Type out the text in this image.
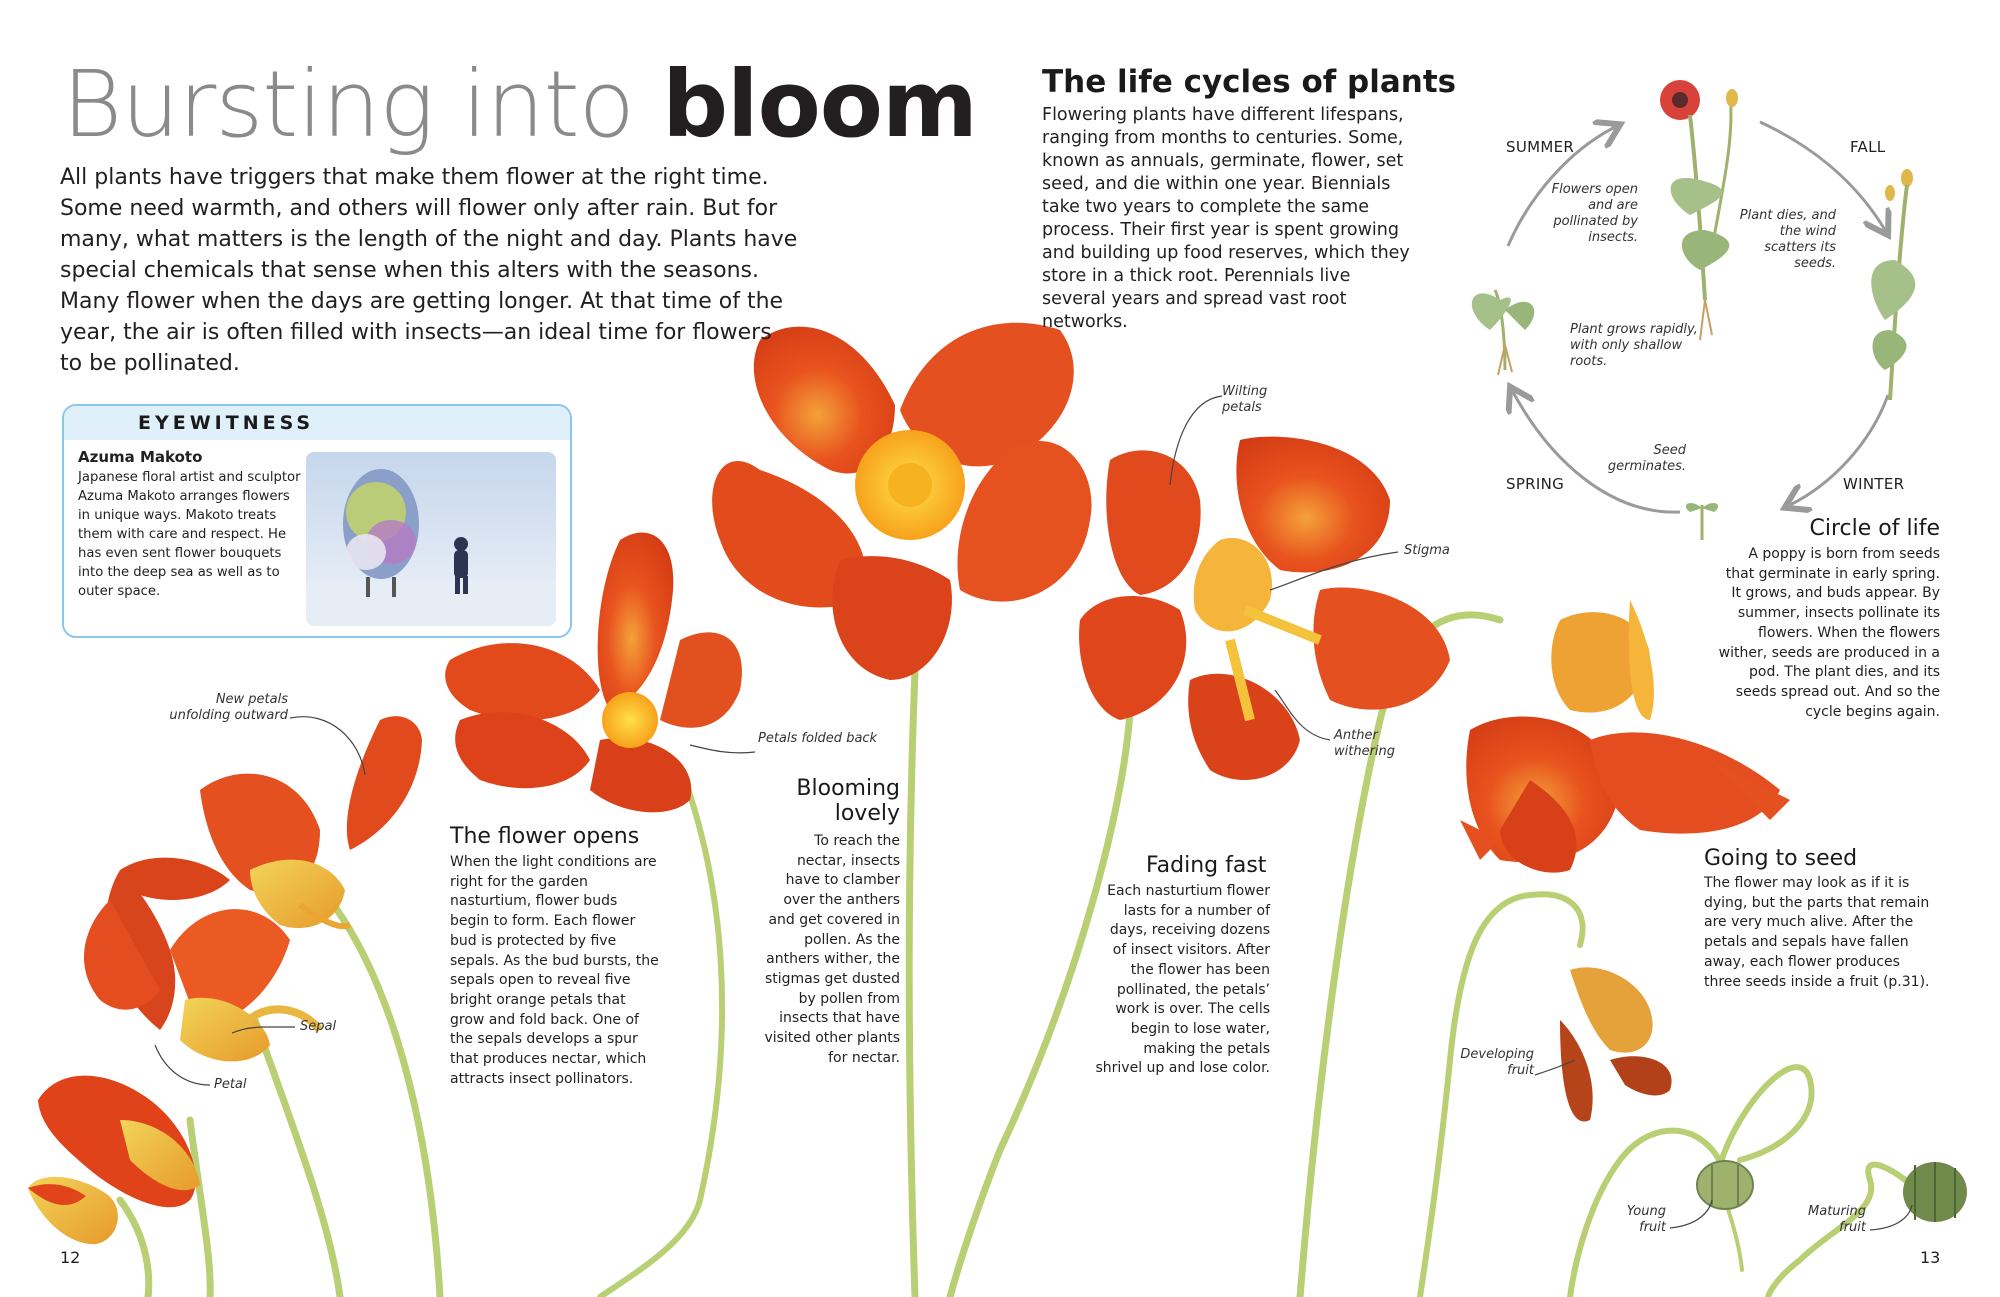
Bursting into bloom
All plants have triggers that make them flower at the right time. Some need warmth, and others will flower only after rain. But for many, what matters is the length of the night and day. Plants have special chemicals that sense when this alters with the seasons. Many flower when the days are getting longer. At that time of the year, the air is often filled with insects—an ideal time for flowers to be pollinated.
The life cycles of plants
Flowering plants have different lifespans, ranging from months to centuries. Some, known as annuals, germinate, flower, set seed, and die within one year. Biennials take two years to complete the same process. Their first year is spent growing and building up food reserves, which they store in a thick root. Perennials live several years and spread vast root networks.
SUMMER	FALL
SPRING	WINTER
Flowers open and are pollinated by insects.
Plant dies, and the wind scatters its seeds.
Plant grows rapidly, with only shallow roots.
Seed germinates.
Circle of life
A poppy is born from seeds that germinate in early spring. It grows, and buds appear. By summer, insects pollinate its flowers. When the flowers wither, seeds are produced in a pod. The plant dies, and its seeds spread out. And so the cycle begins again.
EYEWITNESS
Azuma Makoto
Japanese floral artist and sculptor Azuma Makoto arranges flowers in unique ways. Makoto treats them with care and respect. He has even sent flower bouquets into the deep sea as well as to outer space.
New petals unfolding outward
Sepal
Petal
Petals folded back
Wilting petals
Stigma
Anther withering
Developing fruit
Young fruit
Maturing fruit
The flower opens
When the light conditions are right for the garden nasturtium, flower buds begin to form. Each flower bud is protected by five sepals. As the bud bursts, the sepals open to reveal five bright orange petals that grow and fold back. One of the sepals develops a spur that produces nectar, which attracts insect pollinators.
Blooming lovely
To reach the nectar, insects have to clamber over the anthers and get covered in pollen. As the anthers wither, the stigmas get dusted by pollen from insects that have visited other plants for nectar.
Fading fast
Each nasturtium flower lasts for a number of days, receiving dozens of insect visitors. After the flower has been pollinated, the petals’ work is over. The cells begin to lose water, making the petals shrivel up and lose color.
Going to seed
The flower may look as if it is dying, but the parts that remain are very much alive. After the petals and sepals have fallen away, each flower produces three seeds inside a fruit (p.31).
12	13
